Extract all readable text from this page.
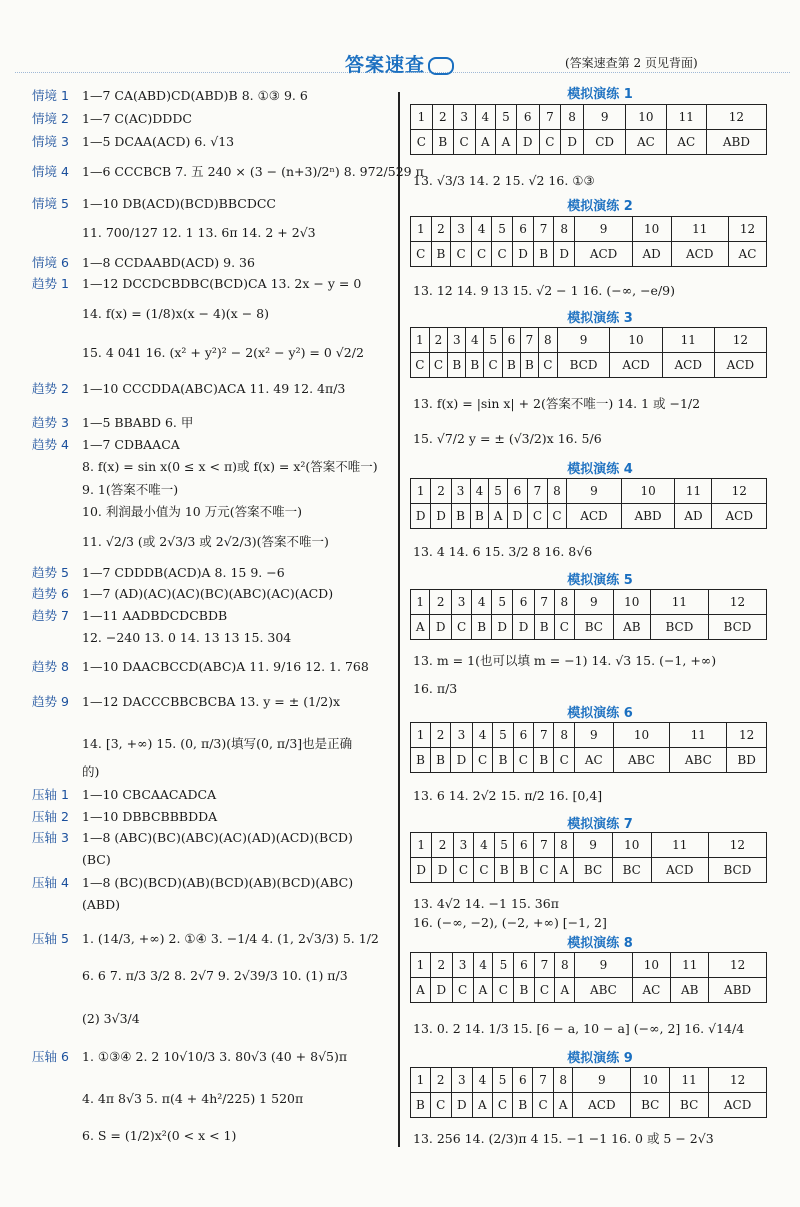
答案速查	(答案速查第 2 页见背面)
情境 1 1—7 CA(ABD)CD(ABD)B 8. ①③ 9. 6
情境 2 1—7 C(AC)DDDC
情境 3 1—5 DCAA(ACD) 6. √13
情境 4 1—6 CCCBCB 7. 五 240 × (3 − (n+3)/2ⁿ) 8. 972/529 π
情境 5 1—10 DB(ACD)(BCD)BBCDCC
11. 700/127 12. 1 13. 6π 14. 2 + 2√3
情境 6 1—8 CCDAABD(ACD) 9. 36
趋势 1 1—12 DCCDCBDBC(BCD)CA 13. 2x − y = 0
14. f(x) = (1/8)x(x − 4)(x − 8)
15. 4 041 16. (x² + y²)² − 2(x² − y²) = 0 √2/2
趋势 2 1—10 CCCDDA(ABC)ACA 11. 49 12. 4π/3
趋势 3 1—5 BBABD 6. 甲
趋势 4 1—7 CDBAACA
8. f(x) = sin x(0 ≤ x < π)或 f(x) = x²(答案不唯一)
9. 1(答案不唯一)
10. 利润最小值为 10 万元(答案不唯一)
11. √2/3 (或 2√3/3 或 2√2/3)(答案不唯一)
趋势 5 1—7 CDDDB(ACD)A 8. 15 9. −6
趋势 6 1—7 (AD)(AC)(AC)(BC)(ABC)(AC)(ACD)
趋势 7 1—11 AADBDCDCBDB
12. −240 13. 0 14. 13 13 15. 304
趋势 8 1—10 DAACBCCD(ABC)A 11. 9/16 12. 1. 768
趋势 9 1—12 DACCCBBCBCBA 13. y = ± (1/2)x
14. [3, +∞) 15. (0, π/3)(填写(0, π/3]也是正确
的)
压轴 1 1—10 CBCAACADCA
压轴 2 1—10 DBBCBBBDDA
压轴 3 1—8 (ABC)(BC)(ABC)(AC)(AD)(ACD)(BCD)
(BC)
压轴 4 1—8 (BC)(BCD)(AB)(BCD)(AB)(BCD)(ABC)
(ABD)
压轴 5 1. (14/3, +∞) 2. ①④ 3. −1/4 4. (1, 2√3/3) 5. 1/2
6. 6 7. π/3 3/2 8. 2√7 9. 2√39/3 10. (1) π/3
(2) 3√3/4
压轴 6 1. ①③④ 2. 2 10√10/3 3. 80√3 (40 + 8√5)π
4. 4π 8√3 5. π(4 + 4h²/225) 1 520π
6. S = (1/2)x²(0 < x < 1)
模拟演练 1
1	2	3	4	5	6	7	8	9	10	11	12
C	B	C	A	A	D	C	D	CD	AC	AC	ABD
13. √3/3 14. 2 15. √2 16. ①③
模拟演练 2
1	2	3	4	5	6	7	8	9	10	11	12
C	B	C	C	C	D	B	D	ACD	AD	ACD	AC
13. 12 14. 9 13 15. √2 − 1 16. (−∞, −e/9)
模拟演练 3
1	2	3	4	5	6	7	8	9	10	11	12
C	C	B	B	C	B	B	C	BCD	ACD	ACD	ACD
13. f(x) = |sin x| + 2(答案不唯一) 14. 1 或 −1/2
15. √7/2 y = ± (√3/2)x 16. 5/6
模拟演练 4
1	2	3	4	5	6	7	8	9	10	11	12
D	D	B	B	A	D	C	C	ACD	ABD	AD	ACD
13. 4 14. 6 15. 3/2 8 16. 8√6
模拟演练 5
1	2	3	4	5	6	7	8	9	10	11	12
A	D	C	B	D	D	B	C	BC	AB	BCD	BCD
13. m = 1(也可以填 m = −1) 14. √3 15. (−1, +∞)
16. π/3
模拟演练 6
1	2	3	4	5	6	7	8	9	10	11	12
B	B	D	C	B	C	B	C	AC	ABC	ABC	BD
13. 6 14. 2√2 15. π/2 16. [0,4]
模拟演练 7
1	2	3	4	5	6	7	8	9	10	11	12
D	D	C	C	B	B	C	A	BC	BC	ACD	BCD
13. 4√2 14. −1 15. 36π
16. (−∞, −2), (−2, +∞) [−1, 2]
模拟演练 8
1	2	3	4	5	6	7	8	9	10	11	12
A	D	C	A	C	B	C	A	ABC	AC	AB	ABD
13. 0. 2 14. 1/3 15. [6 − a, 10 − a] (−∞, 2] 16. √14/4
模拟演练 9
1	2	3	4	5	6	7	8	9	10	11	12
B	C	D	A	C	B	C	A	ACD	BC	BC	ACD
13. 256 14. (2/3)π 4 15. −1 −1 16. 0 或 5 − 2√3
